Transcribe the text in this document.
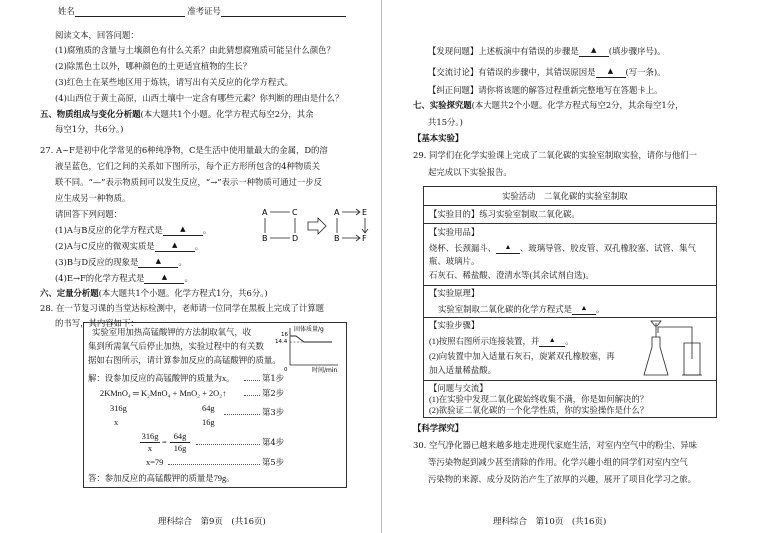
姓名	准考证号
阅读文本，回答问题：
(1)腐殖质的含量与土壤颜色有什么关系？由此猜想腐殖质可能呈什么颜色？
(2)除黑色土以外，哪种颜色的土更适宜植物的生长？
(3)红色土在某些地区用于炼铁，请写出有关反应的化学方程式。
(4)山西位于黄土高原，山西土壤中一定含有哪些元素？你判断的理由是什么？
五、物质组成与变化分析题(本大题共1个小题。化学方程式每空2分，其余
每空1分，共6分。)
27. A~F是初中化学常见的6种纯净物，C是生活中使用量最大的金属，D的溶
液呈蓝色，它们之间的关系如下图所示，每个正方形所包含的4种物质关
联不同。“—”表示物质间可以发生反应，“→”表示一种物质可通过一步反
应生成另一种物质。
请回答下列问题：
(1)A与B反应的化学方程式是 ▲ 。
(2)A与C反应的微观实质是 ▲ 。
(3)B与D反应的现象是 ▲ 。
(4)E→F的化学方程式是 ▲ 。
A	C
B	D
A	E
B	F
六、定量分析题(本大题共1个小题。化学方程式1分，共6分。)
28. 在一节复习课的当堂达标检测中，老师请一位同学在黑板上完成了计算题
的书写，其内容如下：
实验室用加热高锰酸钾的方法制取氧气，收
集到所需氧气后停止加热，实验过程中的有关数
据如右图所示，请计算参加反应的高锰酸钾的质量。
固体质量/g
16
14.4
0	时间/min
解：设参加反应的高锰酸钾的质量为x。	第1步
2KMnO₄ ═ K₂MnO₄ + MnO₂ + 2O₂↑	第2步
316g	64g	第3步
x	16g
316g
x
=
64g
16g
第4步
x=79	第5步
答：参加反应的高锰酸钾的质量是79g。
理科综合　第9页　(共16页)
【发现问题】上述板演中有错误的步骤是 ▲ (填步骤序号)。
【交流讨论】有错误的步骤中，其错误原因是 ▲ (写一条)。
【纠正问题】请你将该题的解答过程重新完整地写在答题卡上。
七、实验探究题(本大题共2个小题。化学方程式每空2分，其余每空1分，
共15分。)
【基本实验】
29. 同学们在化学实验课上完成了二氧化碳的实验室制取实验，请你与他们一
起完成以下实验报告。
实验活动　二氧化碳的实验室制取
【实验目的】练习实验室制取二氧化碳。
【实验用品】
烧杯、长颈漏斗、 ▲ 、玻璃导管、胶皮管、双孔橡胶塞、试管、集气
瓶、玻璃片。
石灰石、稀盐酸、澄清水等(其余试剂自选)。
【实验原理】
实验室制取二氧化碳的化学方程式是 ▲ 。
【实验步骤】
(1)按照右图所示连接装置，并 ▲ 。
(2)向装置中加入适量石灰石，旋紧双孔橡胶塞，再
加入适量稀盐酸。
【问题与交流】
(1)在实验中发现二氧化碳始终收集不满，你是如何解决的？
(2)欲验证二氧化碳的一个化学性质，你的实验操作是什么？
【科学探究】
30. 空气净化器已越来越多地走进现代家庭生活，对室内空气中的粉尘、异味
等污染物起到减少甚至清除的作用。化学兴趣小组的同学们对室内空气
污染物的来源、成分及防治产生了浓厚的兴趣，展开了项目化学习之旅。
理科综合　第10页　(共16页)
